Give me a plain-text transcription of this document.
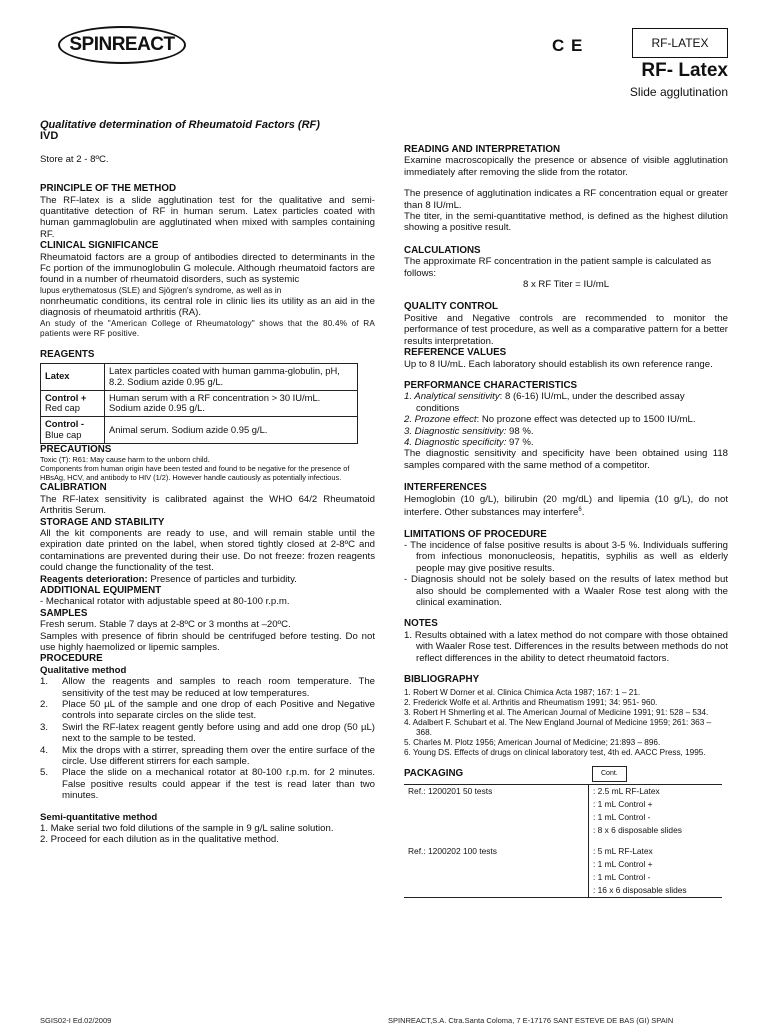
SPINREACT	C E	RF-LATEX
RF- Latex
Slide agglutination

Qualitative determination of Rheumatoid Factors (RF)

IVD

Store at 2 - 8ºC.

PRINCIPLE OF THE METHOD

The RF-latex is a slide agglutination test for the qualitative and semi-quantitative detection of RF in human serum. Latex particles coated with human gammaglobulin are agglutinated when mixed with samples containing RF.

CLINICAL SIGNIFICANCE

Rheumatoid factors are a group of antibodies directed to determinants in the Fc portion of the immunoglobulin G molecule. Although rheumatoid factors are found in a number of rheumatoid disorders, such as systemic

lupus erythematosus (SLE) and Sjögren's syndrome, as well as in

nonrheumatic conditions, its central role in clinic lies its utility as an aid in the diagnosis of rheumatoid arthritis (RA).

An study of the "American College of Rheumatology" shows that the 80.4% of RA patients were RF positive.

REAGENTS

Latex	Latex particles coated with human gamma-globulin, pH, 8.2. Sodium azide 0.95 g/L.
Control +
Red cap	Human serum with a RF concentration > 30 IU/mL. Sodium azide 0.95 g/L.
Control -
Blue cap	Animal serum. Sodium azide 0.95 g/L.

PRECAUTIONS

Toxic (T): R61: May cause harm to the unborn child.

Components from human origin have been tested and found to be negative for the presence of HBsAg, HCV, and antibody to HIV (1/2). However handle cautiously as potentially infectious.

CALIBRATION

The RF-latex sensitivity is calibrated against the WHO 64/2 Rheumatoid Arthritis Serum.

STORAGE AND STABILITY

All the kit components are ready to use, and will remain stable until the expiration date printed on the label, when stored tightly closed at 2-8ºC and contaminations are prevented during their use. Do not freeze: frozen reagents could change the functionality of the test.

Reagents deterioration: Presence of particles and turbidity.

ADDITIONAL EQUIPMENT

- Mechanical rotator with adjustable speed at 80-100 r.p.m.

SAMPLES

Fresh serum. Stable 7 days at 2-8ºC or 3 months at –20ºC.

Samples with presence of fibrin should be centrifuged before testing. Do not use highly haemolized or lipemic samples.

PROCEDURE

Qualitative method

1.	Allow the reagents and samples to reach room temperature. The sensitivity of the test may be reduced at low temperatures.
2.	Place 50 µL of the sample and one drop of each Positive and Negative controls into separate circles on the slide test.
3.	Swirl the RF-latex reagent gently before using and add one drop (50 µL) next to the sample to be tested.
4.	Mix the drops with a stirrer, spreading them over the entire surface of the circle. Use different stirrers for each sample.
5.	Place the slide on a mechanical rotator at 80-100 r.p.m. for 2 minutes. False positive results could appear if the test is read later than two minutes.

Semi-quantitative method

1. Make serial two fold dilutions of the sample in 9 g/L saline solution.

2. Proceed for each dilution as in the qualitative method.

READING AND INTERPRETATION

Examine macroscopically the presence or absence of visible agglutination immediately after removing the slide from the rotator.

The presence of agglutination indicates a RF concentration equal or greater than 8 IU/mL.

The titer, in the semi-quantitative method, is defined as the highest dilution showing a positive result.

CALCULATIONS

The approximate RF concentration in the patient sample is calculated as follows:

8 x RF Titer = IU/mL

QUALITY CONTROL

Positive and Negative controls are recommended to monitor the performance of test procedure, as well as a comparative pattern for a better results interpretation.

REFERENCE VALUES

Up to 8 IU/mL. Each laboratory should establish its own reference range.

PERFORMANCE CHARACTERISTICS

1. Analytical sensitivity: 8 (6-16) IU/mL, under the described assay conditions

2. Prozone effect: No prozone effect was detected up to 1500 IU/mL.

3. Diagnostic sensitivity: 98 %.

4. Diagnostic specificity: 97 %.

The diagnostic sensitivity and specificity have been obtained using 118 samples compared with the same method of a competitor.

INTERFERENCES

Hemoglobin (10 g/L), bilirubin (20 mg/dL) and lipemia (10 g/L), do not interfere. Other substances may interfere$^6$.

LIMITATIONS OF PROCEDURE

- The incidence of false positive results is about 3-5 %. Individuals suffering from infectious mononucleosis, hepatitis, syphilis as well as elderly people may give positive results.

- Diagnosis should not be solely based on the results of latex method but also should be complemented with a Waaler Rose test along with the clinical examination.

NOTES

1. Results obtained with a latex method do not compare with those obtained with Waaler Rose test. Differences in the results between methods do not reflect differences in the ability to detect rheumatoid factors.

BIBLIOGRAPHY

1. Robert W Dorner et al. Clinica Chimica Acta 1987; 167: 1 – 21.

2. Frederick Wolfe et al. Arthritis and Rheumatism 1991; 34: 951- 960.

3. Robert H Shmerling et al. The American Journal of Medicine 1991; 91: 528 – 534.

4. Adalbert F. Schubart et al. The New England Journal of Medicine 1959; 261: 363 – 368.

5. Charles M. Plotz 1956; American Journal of Medicine; 21:893 – 896.

6. Young DS. Effects of drugs on clinical laboratory test, 4th ed. AACC Press, 1995.

PACKAGING	Cont.
Ref.: 1200201 50 tests	: 2.5 mL RF-Latex
: 1 mL Control +
: 1 mL Control -
: 8 x 6 disposable slides

Ref.: 1200202 100 tests	: 5 mL RF-Latex
: 1 mL Control +
: 1 mL Control -
: 16 x 6 disposable slides
SGIS02-I Ed.02/2009	SPINREACT,S.A. Ctra.Santa Coloma, 7 E-17176 SANT ESTEVE DE BAS (GI) SPAIN
